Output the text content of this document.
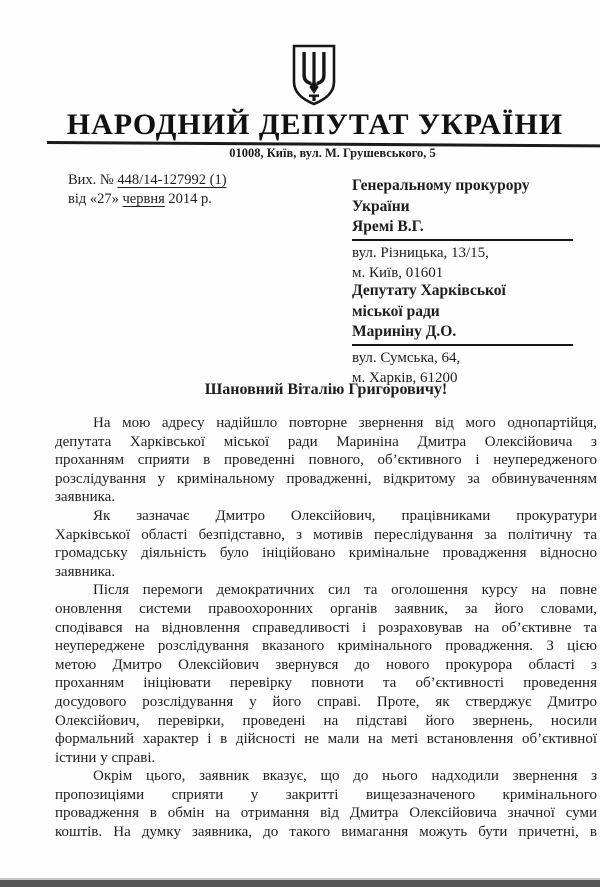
НАРОДНИЙ ДЕПУТАТ УКРАЇНИ
01008, Київ, вул. М. Грушевського, 5
Вих. № 448/14-127992 (1)
від «27» червня 2014 р.
Генеральному прокурору
України
Яремі В.Г.
вул. Різницька, 13/15,
м. Київ, 01601
Депутату Харківської
міської ради
Мариніну Д.О.
вул. Сумська, 64,
м. Харків, 61200
Шановний Віталію Григоровичу!
На мою адресу надійшло повторне звернення від мого однопартійця,
депутата Харківської міської ради Мариніна Дмитра Олексійовича з
проханням сприяти в проведенні повного, об’єктивного і неупередженого
розслідування у кримінальному провадженні, відкритому за обвинуваченням
заявника.
Як зазначає Дмитро Олексійович, працівниками прокуратури
Харківської області безпідставно, з мотивів переслідування за політичну та
громадську діяльність було ініційовано кримінальне провадження відносно
заявника.
Після перемоги демократичних сил та оголошення курсу на повне
оновлення системи правоохоронних органів заявник, за його словами,
сподівався на відновлення справедливості і розраховував на об’єктивне та
неупереджене розслідування вказаного кримінального провадження. З цією
метою Дмитро Олексійович звернувся до нового прокурора області з
проханням ініціювати перевірку повноти та об’єктивності проведення
досудового розслідування у його справі. Проте, як стверджує Дмитро
Олексійович, перевірки, проведені на підставі його звернень, носили
формальний характер і в дійсності не мали на меті встановлення об’єктивної
істини у справі.
Окрім цього, заявник вказує, що до нього надходили звернення з
пропозиціями сприяти у закритті вищезазначеного кримінального
провадження в обмін на отримання від Дмитра Олексійовича значної суми
коштів. На думку заявника, до такого вимагання можуть бути причетні, в
